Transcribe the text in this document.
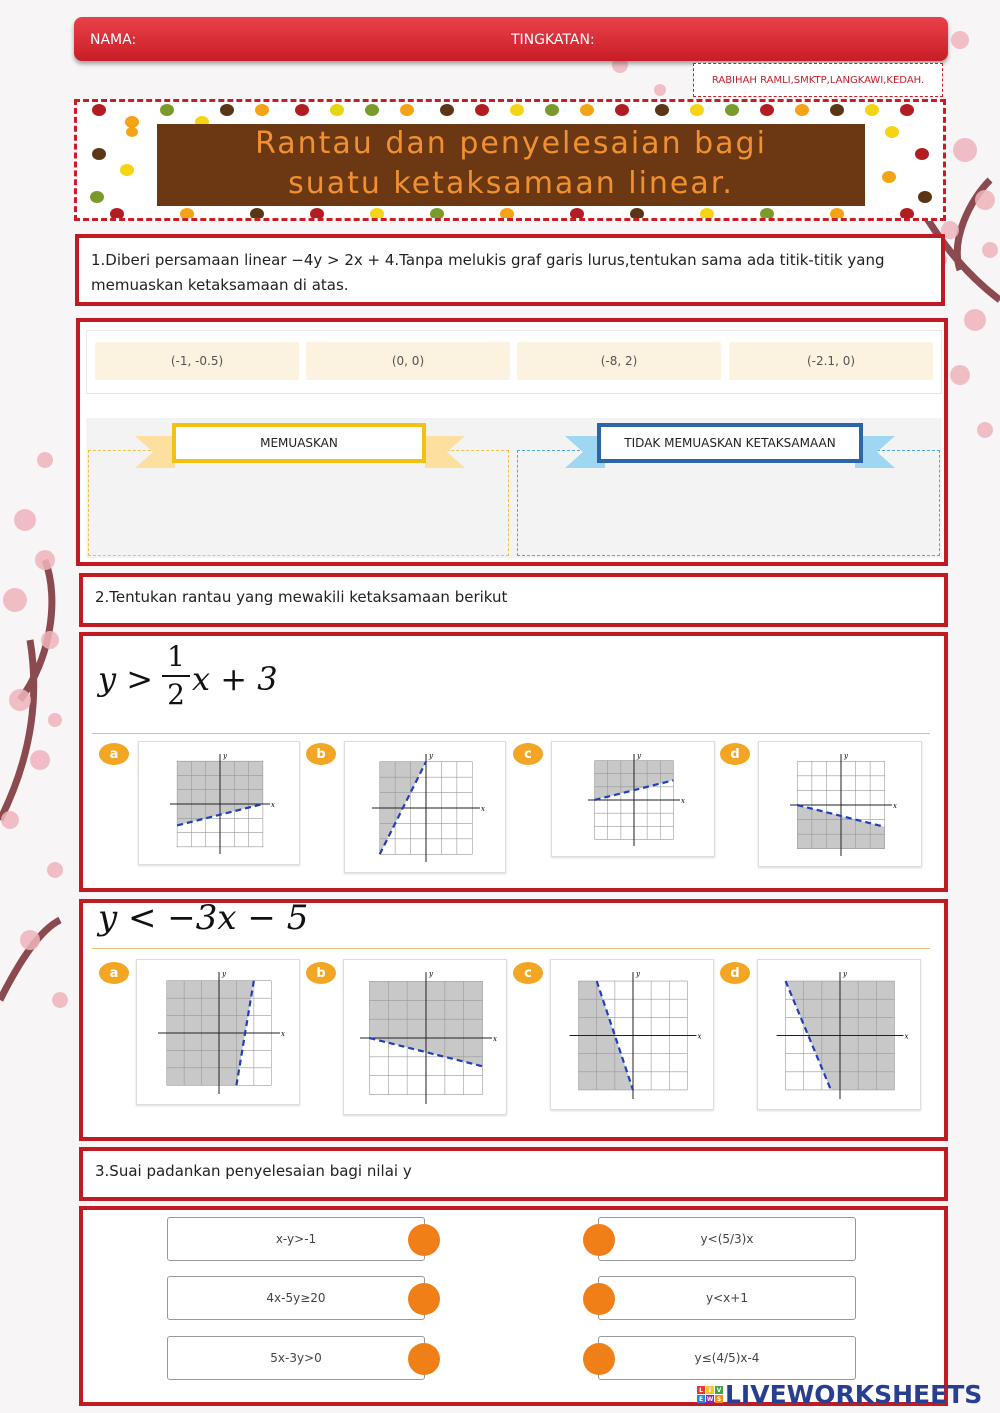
NAMA:	TINGKATAN:
RABIHAH RAMLI,SMKTP,LANGKAWI,KEDAH.
Rantau dan penyelesaian bagi
suatu ketaksamaan linear.
1.Diberi persamaan linear −4y > 2x + 4.Tanpa melukis graf garis lurus,tentukan sama ada titik-titik yang memuaskan ketaksamaan di atas.
(-1, -0.5)	(0, 0)	(-8, 2)	(-2.1, 0)
MEMUASKAN	TIDAK MEMUASKAN KETAKSAMAAN
2.Tentukan rantau yang mewakili ketaksamaan berikut
y >
1
2 x + 3
y < −3x − 5
a	b	c	d
a	b	c	d
x
y
x
y
x
y
x
y
x
y
x
y
x
y
x
y
3.Suai padankan penyelesaian bagi nilai y
x-y>-1
4x-5y≥20
5x-3y>0
y<(5/3)x
y<x+1
y≤(4/5)x-4
L I V
E W S LIVEWORKSHEETS
